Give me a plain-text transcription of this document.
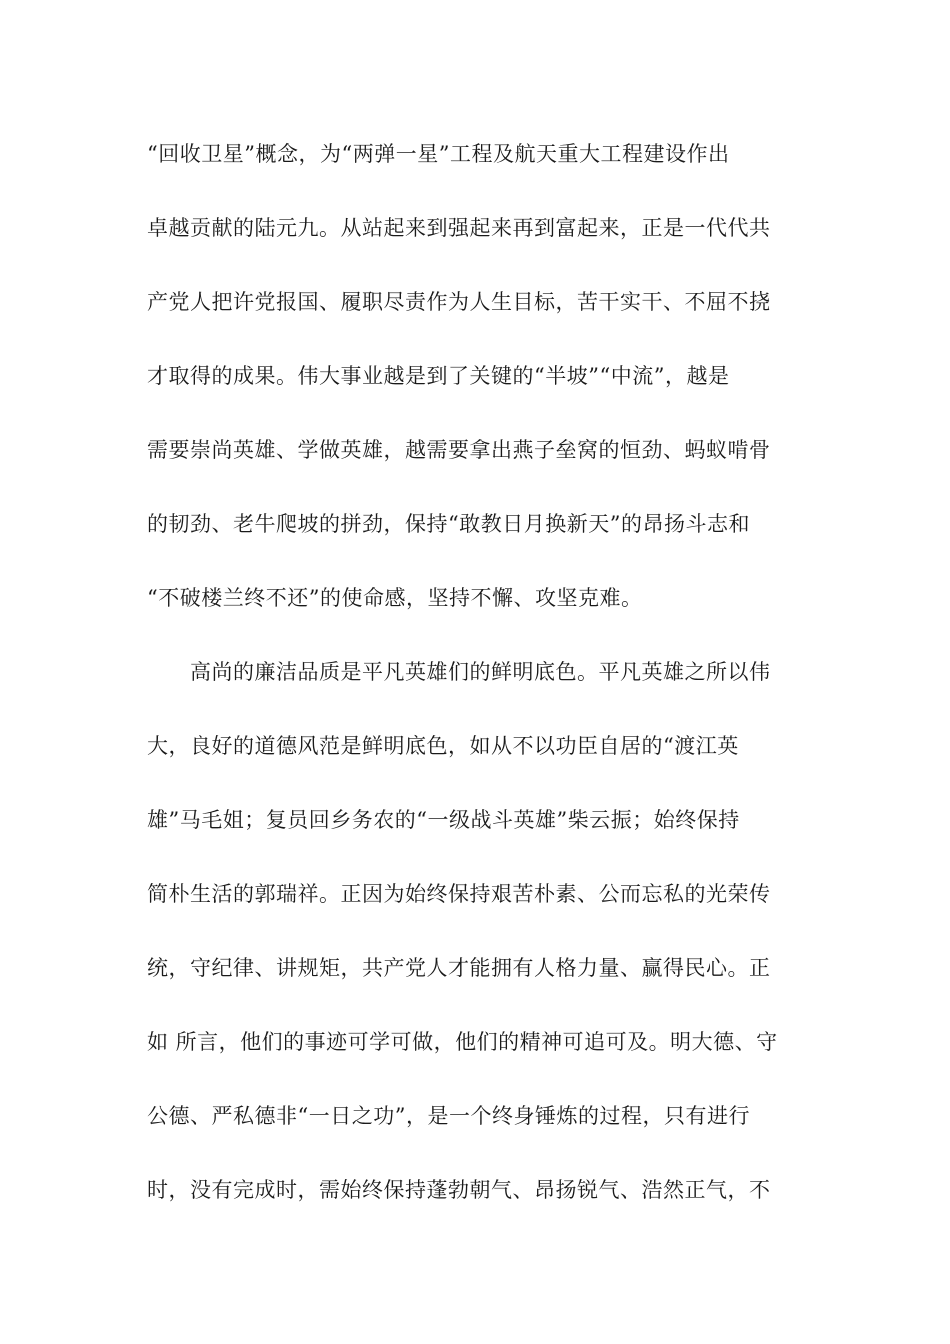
“回收卫星”概念，为“两弹一星”工程及航天重大工程建设作出
卓越贡献的陆元九。从站起来到强起来再到富起来，正是一代代共
产党人把许党报国、履职尽责作为人生目标，苦干实干、不屈不挠
才取得的成果。伟大事业越是到了关键的“半坡”“中流”，越是
需要崇尚英雄、学做英雄，越需要拿出燕子垒窝的恒劲、蚂蚁啃骨
的韧劲、老牛爬坡的拼劲，保持“敢教日月换新天”的昂扬斗志和
“不破楼兰终不还”的使命感，坚持不懈、攻坚克难。
高尚的廉洁品质是平凡英雄们的鲜明底色。平凡英雄之所以伟
大，良好的道德风范是鲜明底色，如从不以功臣自居的“渡江英
雄”马毛姐；复员回乡务农的“一级战斗英雄”柴云振；始终保持
简朴生活的郭瑞祥。正因为始终保持艰苦朴素、公而忘私的光荣传
统，守纪律、讲规矩，共产党人才能拥有人格力量、赢得民心。正
如 所言，他们的事迹可学可做，他们的精神可追可及。明大德、守
公德、严私德非“一日之功”，是一个终身锤炼的过程，只有进行
时，没有完成时，需始终保持蓬勃朝气、昂扬锐气、浩然正气，不
